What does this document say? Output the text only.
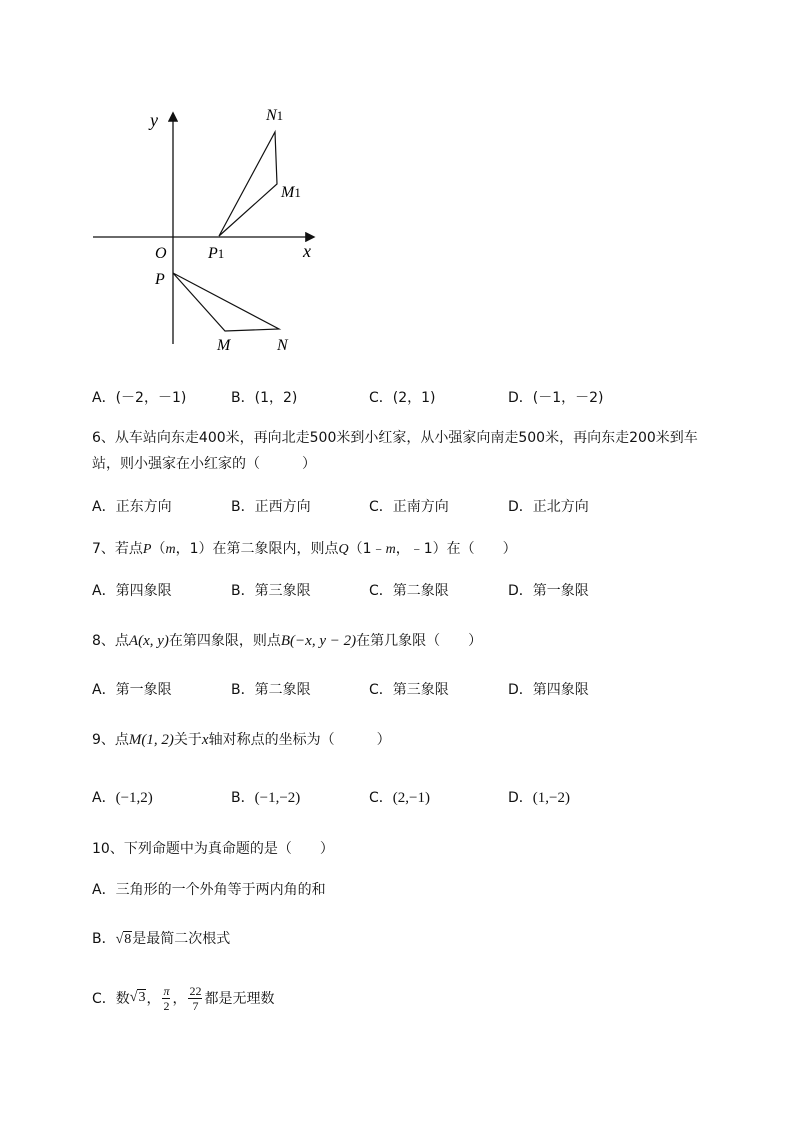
y
x
O	P1
N1
M1
P
M	N
A．(－2，－1)	B．(1，2)	C．(2，1)	D．(－1，－2)
6、从车站向东走400米，再向北走500米到小红家，从小强家向南走500米，再向东走200米到车
站，则小强家在小红家的（　　　）
A．正东方向	B．正西方向	C．正南方向	D．正北方向
7、若点P（m，1）在第二象限内，则点Q（1﹣m，﹣1）在（　　）
A．第四象限	B．第三象限	C．第二象限	D．第一象限
8、点A(x, y)在第四象限，则点B(−x, y − 2)在第几象限（　　）
A．第一象限	B．第二象限	C．第三象限	D．第四象限
9、点M(1, 2)关于x轴对称点的坐标为（　　　）
A．(−1,2)	B．(−1,−2)	C．(2,−1)	D．(1,−2)
10、下列命题中为真命题的是（　　）
A．三角形的一个外角等于两内角的和
B．√8是最简二次根式
C．数 √3 ， $\frac{\pi}{2}$ ， $\frac{22}{7}$ 都是无理数
